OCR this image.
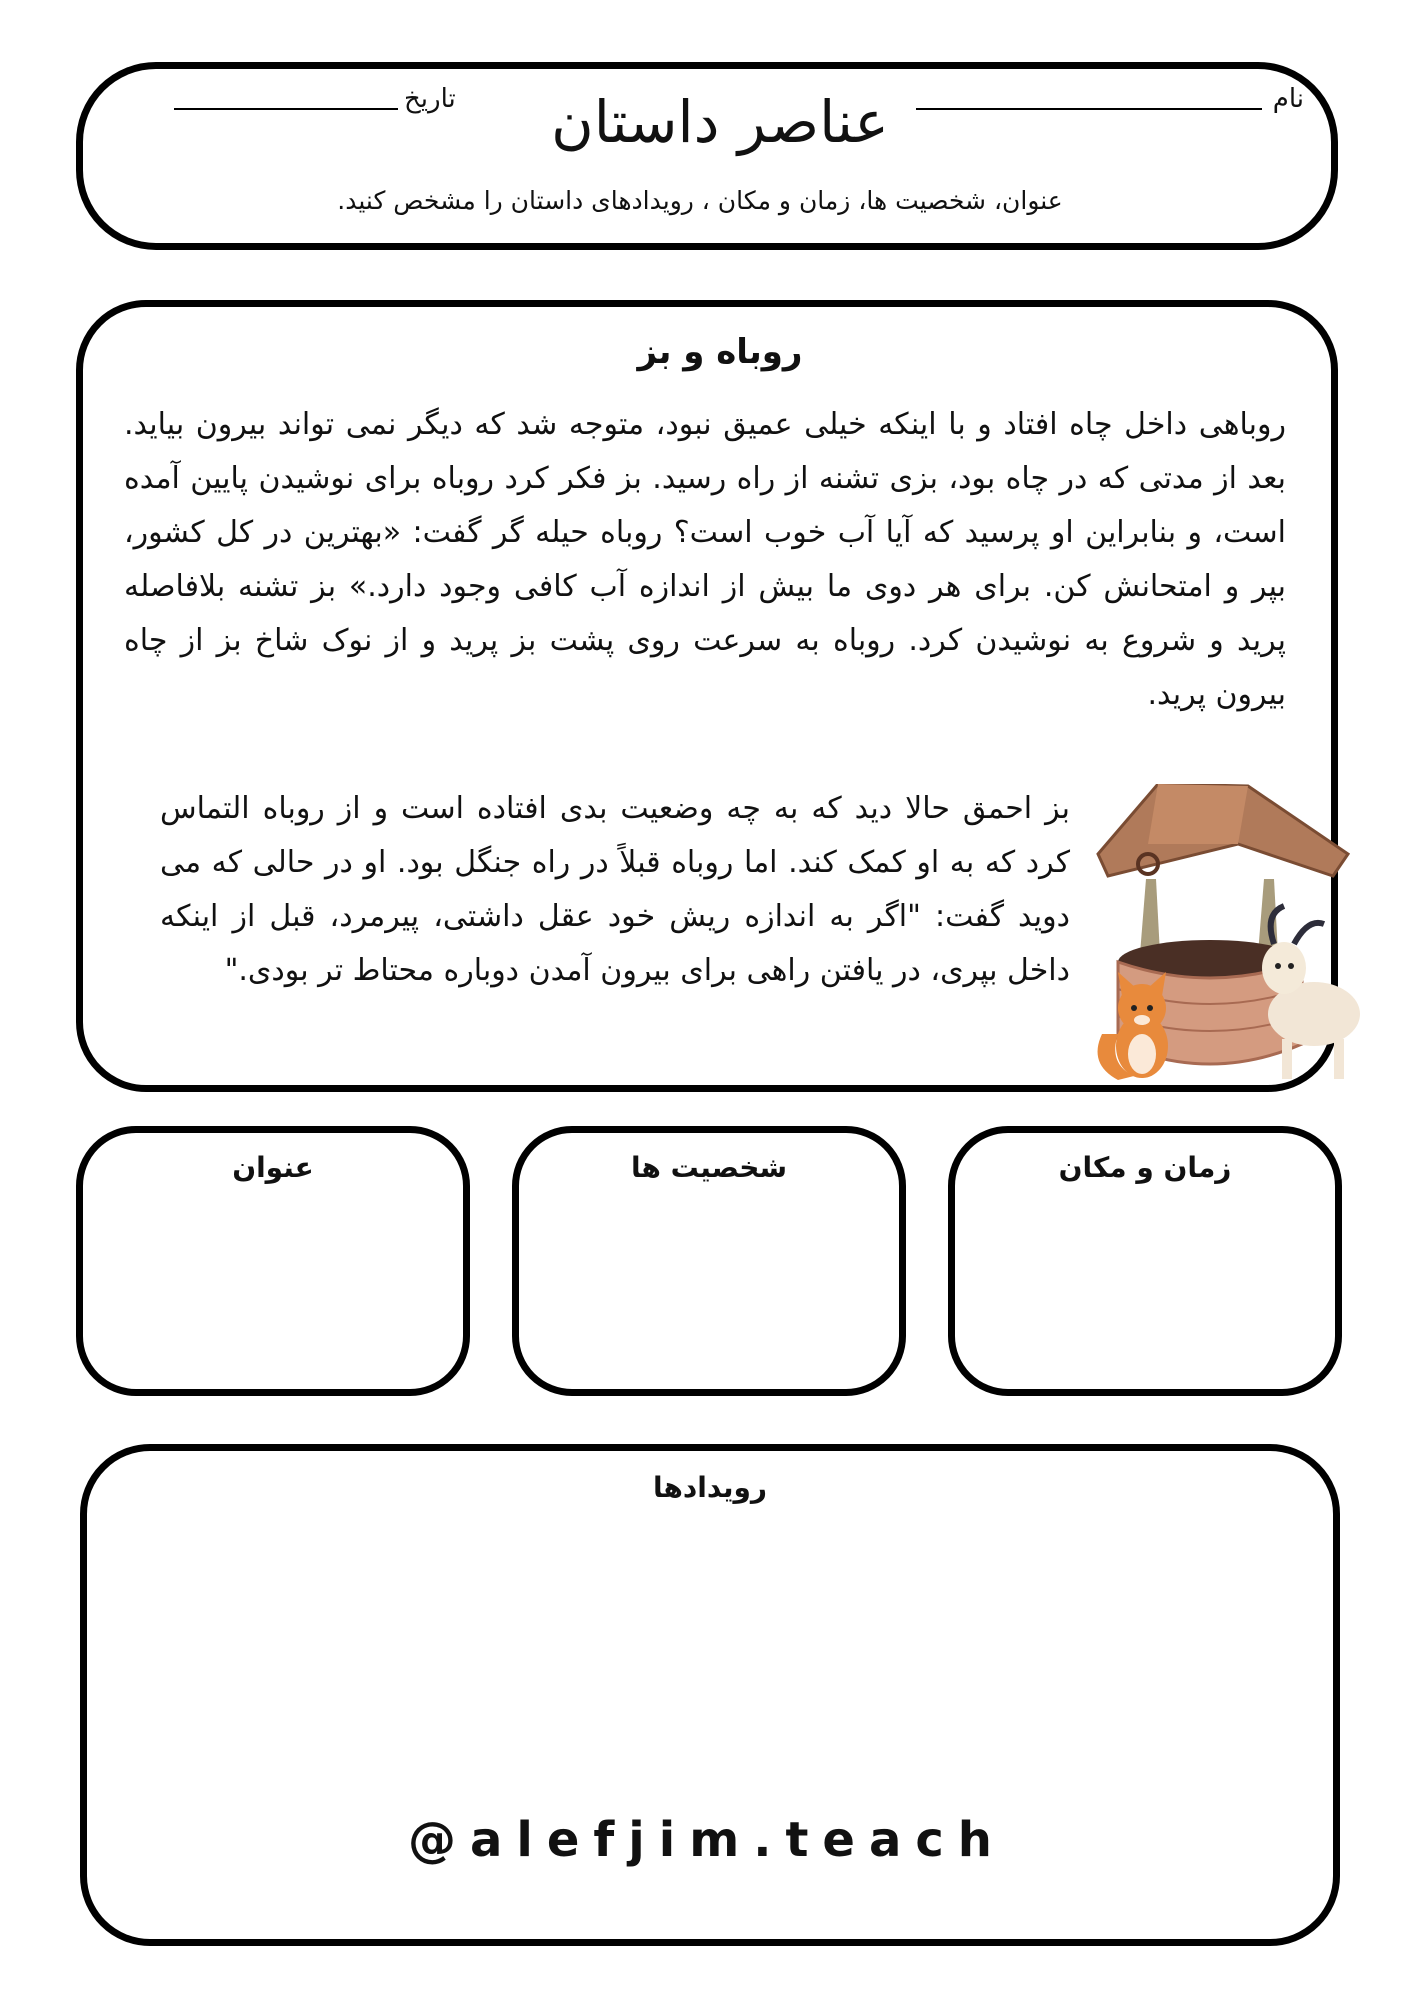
نام
تاریخ	عناصر داستان
عنوان، شخصیت ها، زمان و مکان ، رویدادهای داستان را مشخص کنید.
روباه و بز
روباهی داخل چاه افتاد و با اینکه خیلی عمیق نبود، متوجه شد که دیگر نمی تواند بیرون بیاید. بعد از مدتی که در چاه بود، بزی تشنه از راه رسید. بز فکر کرد روباه برای نوشیدن پایین آمده است، و بنابراین او پرسید که آیا آب خوب است؟ روباه حیله گر گفت: «بهترین در کل کشور، بپر و امتحانش کن. برای هر دوی ما بیش از اندازه آب کافی وجود دارد.» بز تشنه بلافاصله پرید و شروع به نوشیدن کرد. روباه به سرعت روی پشت بز پرید و از نوک شاخ بز از چاه بیرون پرید.
بز احمق حالا دید که به چه وضعیت بدی افتاده است و از روباه التماس کرد که به او کمک کند. اما روباه قبلاً در راه جنگل بود. او در حالی که می دوید گفت: "اگر به اندازه ریش خود عقل داشتی، پیرمرد، قبل از اینکه داخل بپری، در یافتن راهی برای بیرون آمدن دوباره محتاط تر بودی."
عنوان	شخصیت ها	زمان و مکان
رویدادها
@alefjim.teach
